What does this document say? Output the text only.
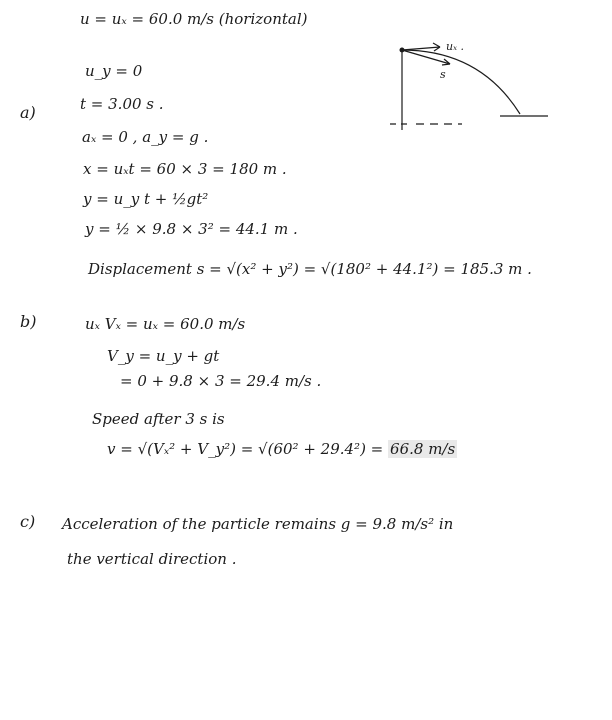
u = uₓ = 60.0 m/s (horizontal)
u_y = 0
a)	t = 3.00 s .
aₓ = 0 , a_y = g .
x = uₓt = 60 × 3 = 180 m .
y = u_y t + ½gt²
y = ½ × 9.8 × 3² = 44.1 m .
Displacement s = √(x² + y²) = √(180² + 44.1²) = 185.3 m .
uₓ .
s
b)	uₓ Vₓ = uₓ = 60.0 m/s
V_y = u_y + gt
= 0 + 9.8 × 3 = 29.4 m/s .
Speed after 3 s is
v = √(Vₓ² + V_y²) = √(60² + 29.4²) = 66.8 m/s
c) Acceleration of the particle remains g = 9.8 m/s² in
the vertical direction .
